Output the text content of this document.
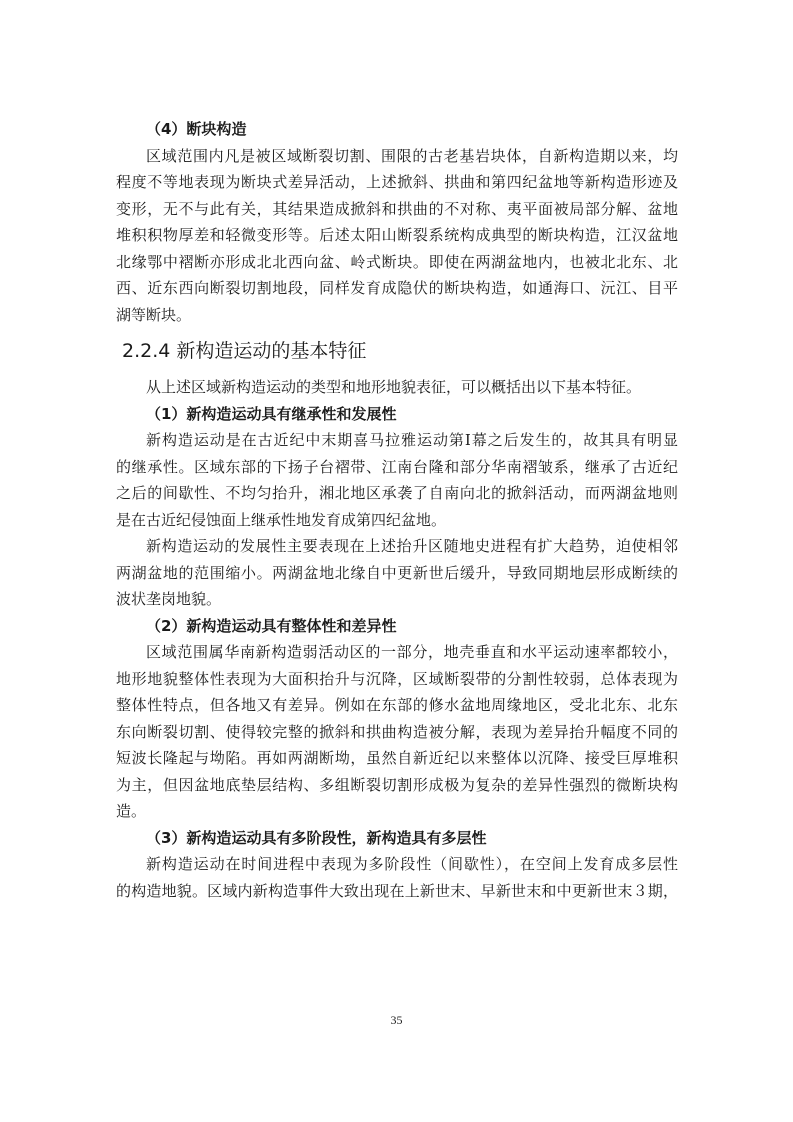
（4）断块构造
区域范围内凡是被区域断裂切割、围限的古老基岩块体，自新构造期以来，均
程度不等地表现为断块式差异活动，上述掀斜、拱曲和第四纪盆地等新构造形迹及
变形，无不与此有关，其结果造成掀斜和拱曲的不对称、夷平面被局部分解、盆地
堆积积物厚差和轻微变形等。后述太阳山断裂系统构成典型的断块构造，江汉盆地
北缘鄂中褶断亦形成北北西向盆、岭式断块。即使在两湖盆地内，也被北北东、北
西、近东西向断裂切割地段，同样发育成隐伏的断块构造，如通海口、沅江、目平
湖等断块。
2.2.4 新构造运动的基本特征
从上述区域新构造运动的类型和地形地貌表征，可以概括出以下基本特征。
（1）新构造运动具有继承性和发展性
新构造运动是在古近纪中末期喜马拉雅运动第Ⅰ幕之后发生的，故其具有明显
的继承性。区域东部的下扬子台褶带、江南台隆和部分华南褶皱系，继承了古近纪
之后的间歇性、不均匀抬升，湘北地区承袭了自南向北的掀斜活动，而两湖盆地则
是在古近纪侵蚀面上继承性地发育成第四纪盆地。
新构造运动的发展性主要表现在上述抬升区随地史进程有扩大趋势，迫使相邻
两湖盆地的范围缩小。两湖盆地北缘自中更新世后缓升，导致同期地层形成断续的
波状垄岗地貌。
（2）新构造运动具有整体性和差异性
区域范围属华南新构造弱活动区的一部分，地壳垂直和水平运动速率都较小，
地形地貌整体性表现为大面积抬升与沉降，区域断裂带的分割性较弱，总体表现为
整体性特点，但各地又有差异。例如在东部的修水盆地周缘地区，受北北东、北东
东向断裂切割、使得较完整的掀斜和拱曲构造被分解，表现为差异抬升幅度不同的
短波长隆起与坳陷。再如两湖断坳，虽然自新近纪以来整体以沉降、接受巨厚堆积
为主，但因盆地底垫层结构、多组断裂切割形成极为复杂的差异性强烈的微断块构
造。
（3）新构造运动具有多阶段性，新构造具有多层性
新构造运动在时间进程中表现为多阶段性（间歇性），在空间上发育成多层性
的构造地貌。区域内新构造事件大致出现在上新世末、早新世末和中更新世末３期，
35
